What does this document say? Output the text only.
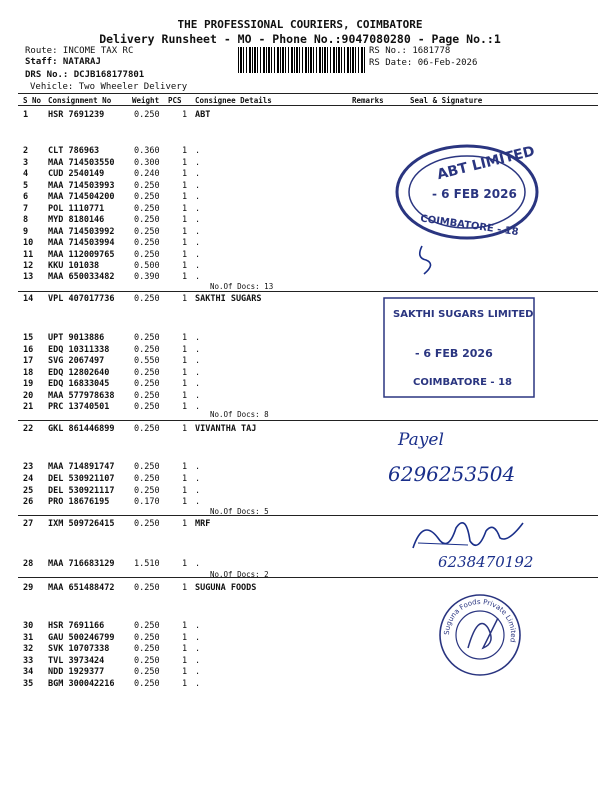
THE PROFESSIONAL COURIERS, COIMBATORE
Delivery Runsheet - MO - Phone No.:9047080280 - Page No.:1
Route: INCOME TAX RC
Staff: NATARAJ
DRS No.: DCJB168177801
Vehicle: Two Wheeler Delivery
RS No.: 1681778
RS Date: 06-Feb-2026
S No Consignment No	Weight PCS Consignee Details	Remarks	Seal & Signature
1 HSR 7691239	0.250	1 ABT
2 CLT 786963	0.360	1 .
3 MAA 714503550 0.300	1 .
4 CUD 2540149	0.240	1 .
5 MAA 714503993 0.250	1 .
6 MAA 714504200 0.250	1 .
7 POL 1110771	0.250	1 .
8 MYD 8180146	0.250	1 .
9 MAA 714503992 0.250	1 .
10 MAA 714503994 0.250	1 .
11 MAA 112009765 0.250	1 .
12 KKU 101038	0.500	1 .
13 MAA 650033482 0.390	1 .
14 VPL 407017736 0.250	1 SAKTHI SUGARS
15 UPT 9013886	0.250	1 .
16 EDQ 10311338	0.250	1 .
17 SVG 2067497	0.550	1 .
18 EDQ 12802640	0.250	1 .
19 EDQ 16833045	0.250	1 .
20 MAA 577978638 0.250	1 .
21 PRC 13740501	0.250	1 .
22 GKL 861446899 0.250	1 VIVANTHA TAJ
23 MAA 714891747 0.250	1 .
24 DEL 530921107 0.250	1 .
25 DEL 530921117 0.250	1 .
26 PRO 18676195	0.170	1 .
27 IXM 509726415 0.250	1 MRF
28 MAA 716683129 1.510	1 .
29 MAA 651488472 0.250	1 SUGUNA FOODS
30 HSR 7691166	0.250	1 .
31 GAU 500246799 0.250	1 .
32 SVK 10707338	0.250	1 .
33 TVL 3973424	0.250	1 .
34 NDD 1929377	0.250	1 .
35 BGM 300042216 0.250	1 .
No.Of Docs: 13
No.Of Docs: 8
No.Of Docs: 5
No.Of Docs: 2
ABT LIMITED
- 6 FEB 2026
COIMBATORE - 18
SAKTHI SUGARS LIMITED
- 6 FEB 2026
COIMBATORE - 18
Payel
6296253504
6238470192
Suguna Foods Private Limited
